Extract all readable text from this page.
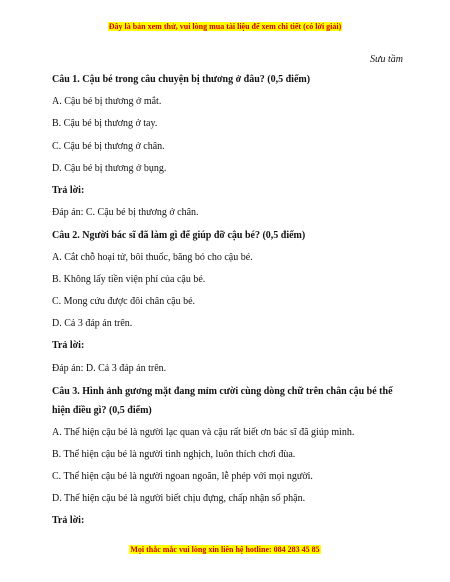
Đây là bản xem thử, vui lòng mua tài liệu để xem chi tiết (có lời giải)
Sưu tầm
Câu 1. Cậu bé trong câu chuyện bị thương ở đâu? (0,5 điểm)
A. Cậu bé bị thương ở mắt.
B. Cậu bé bị thương ở tay.
C. Cậu bé bị thương ở chân.
D. Cậu bé bị thương ở bụng.
Trả lời:
Đáp án: C. Cậu bé bị thương ở chân.
Câu 2. Người bác sĩ đã làm gì để giúp đỡ cậu bé? (0,5 điểm)
A. Cắt chỗ hoại tử, bôi thuốc, băng bó cho cậu bé.
B. Không lấy tiền viện phí của cậu bé.
C. Mong cứu được đôi chân cậu bé.
D. Cả 3 đáp án trên.
Trả lời:
Đáp án: D. Cả 3 đáp án trên.
Câu 3. Hình ảnh gương mặt đang mỉm cười cùng dòng chữ trên chân cậu bé thể hiện điều gì? (0,5 điểm)
A. Thể hiện cậu bé là người lạc quan và cậu rất biết ơn bác sĩ đã giúp mình.
B. Thể hiện cậu bé là người tinh nghịch, luôn thích chơi đùa.
C. Thể hiện cậu bé là người ngoan ngoãn, lễ phép với mọi người.
D. Thể hiện cậu bé là người biết chịu đựng, chấp nhận số phận.
Trả lời:
Mọi thắc mắc vui lòng xin liên hệ hotline: 084 283 45 85
